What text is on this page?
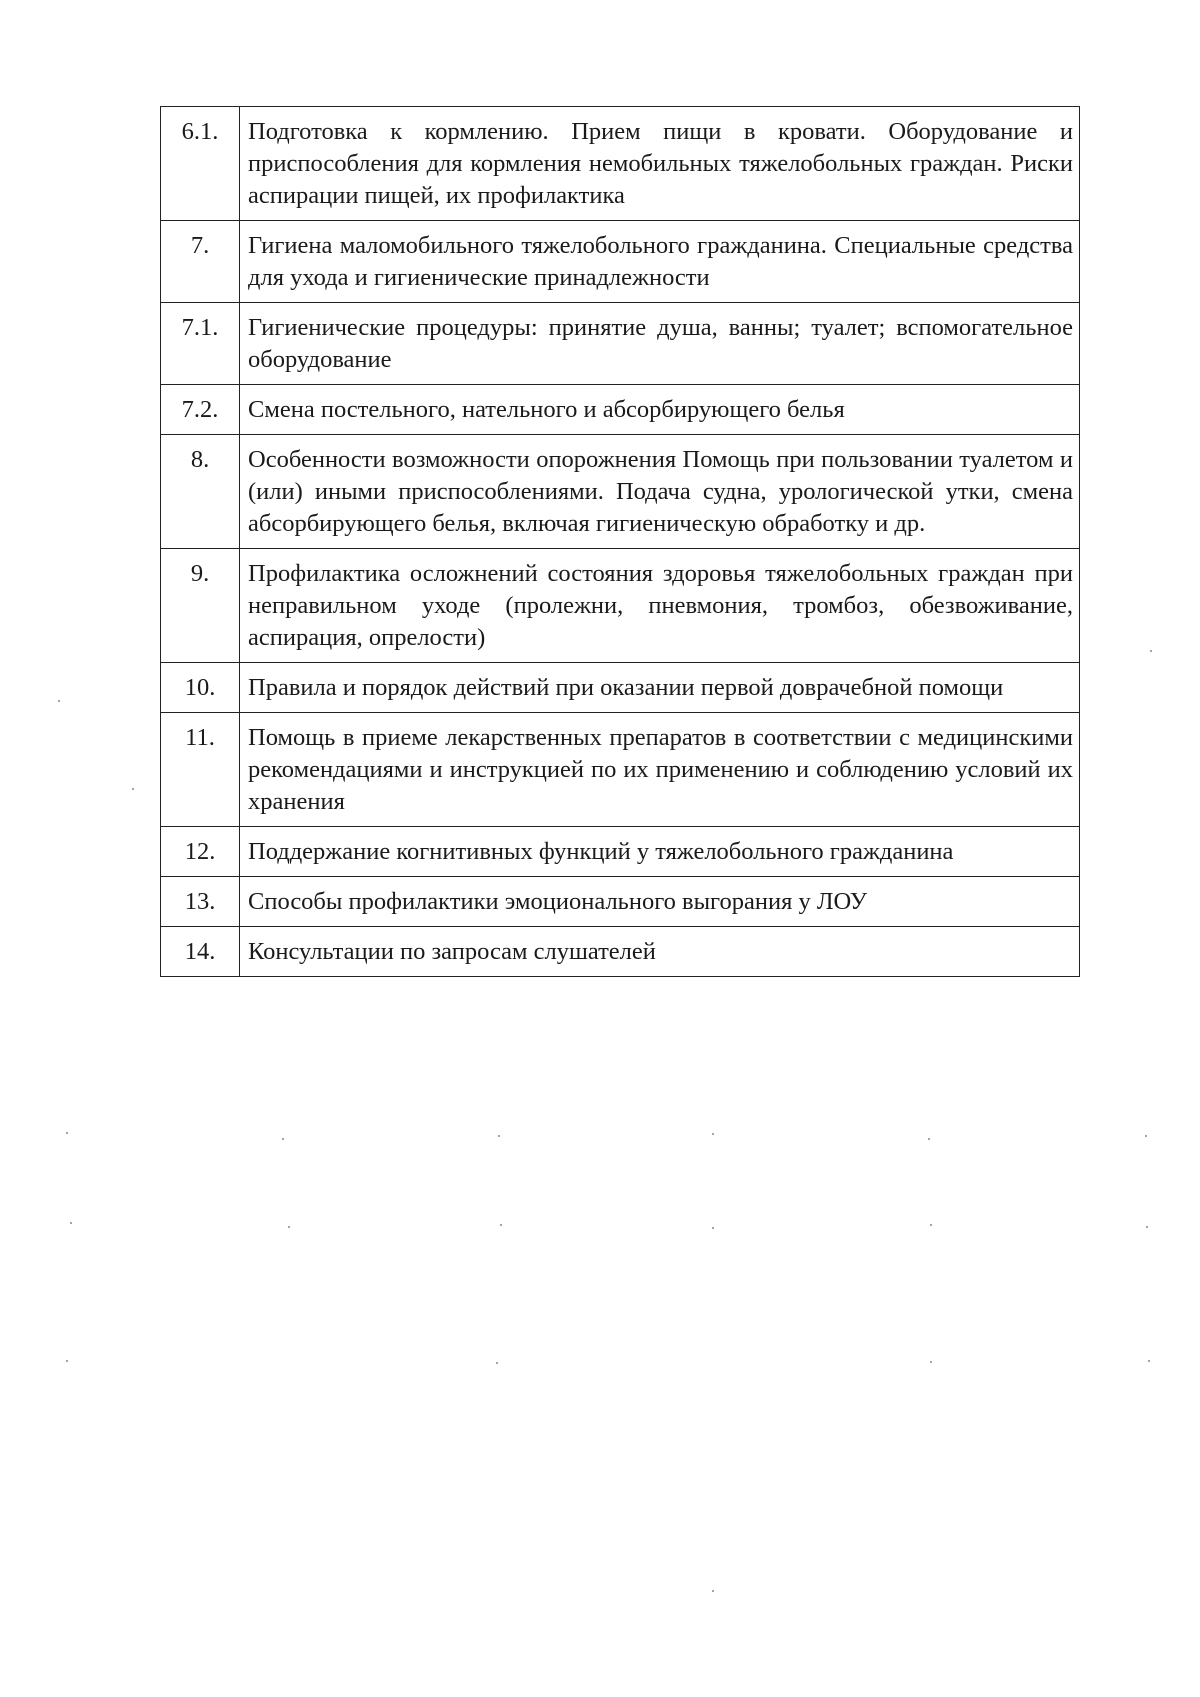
6.1.	Подготовка к кормлению. Прием пищи в кровати. Оборудование и приспособления для кормления немобильных тяжелобольных граждан. Риски аспирации пищей, их профилактика
7.	Гигиена маломобильного тяжелобольного гражданина. Специальные средства для ухода и гигиенические принадлежности
7.1.	Гигиенические процедуры: принятие душа, ванны; туалет; вспомогательное оборудование
7.2.	Смена постельного, нательного и абсорбирующего белья
8.	Особенности возможности опорожнения Помощь при пользовании туалетом и (или) иными приспособлениями. Подача судна, урологической утки, смена абсорбирующего белья, включая гигиеническую обработку и др.
9.	Профилактика осложнений состояния здоровья тяжелобольных граждан при неправильном уходе (пролежни, пневмония, тромбоз, обезвоживание, аспирация, опрелости)
10.	Правила и порядок действий при оказании первой доврачебной помощи
11.	Помощь в приеме лекарственных препаратов в соответствии с медицинскими рекомендациями и инструкцией по их применению и соблюдению условий их хранения
12.	Поддержание когнитивных функций у тяжелобольного гражданина
13.	Способы профилактики эмоционального выгорания у ЛОУ
14.	Консультации по запросам слушателей
